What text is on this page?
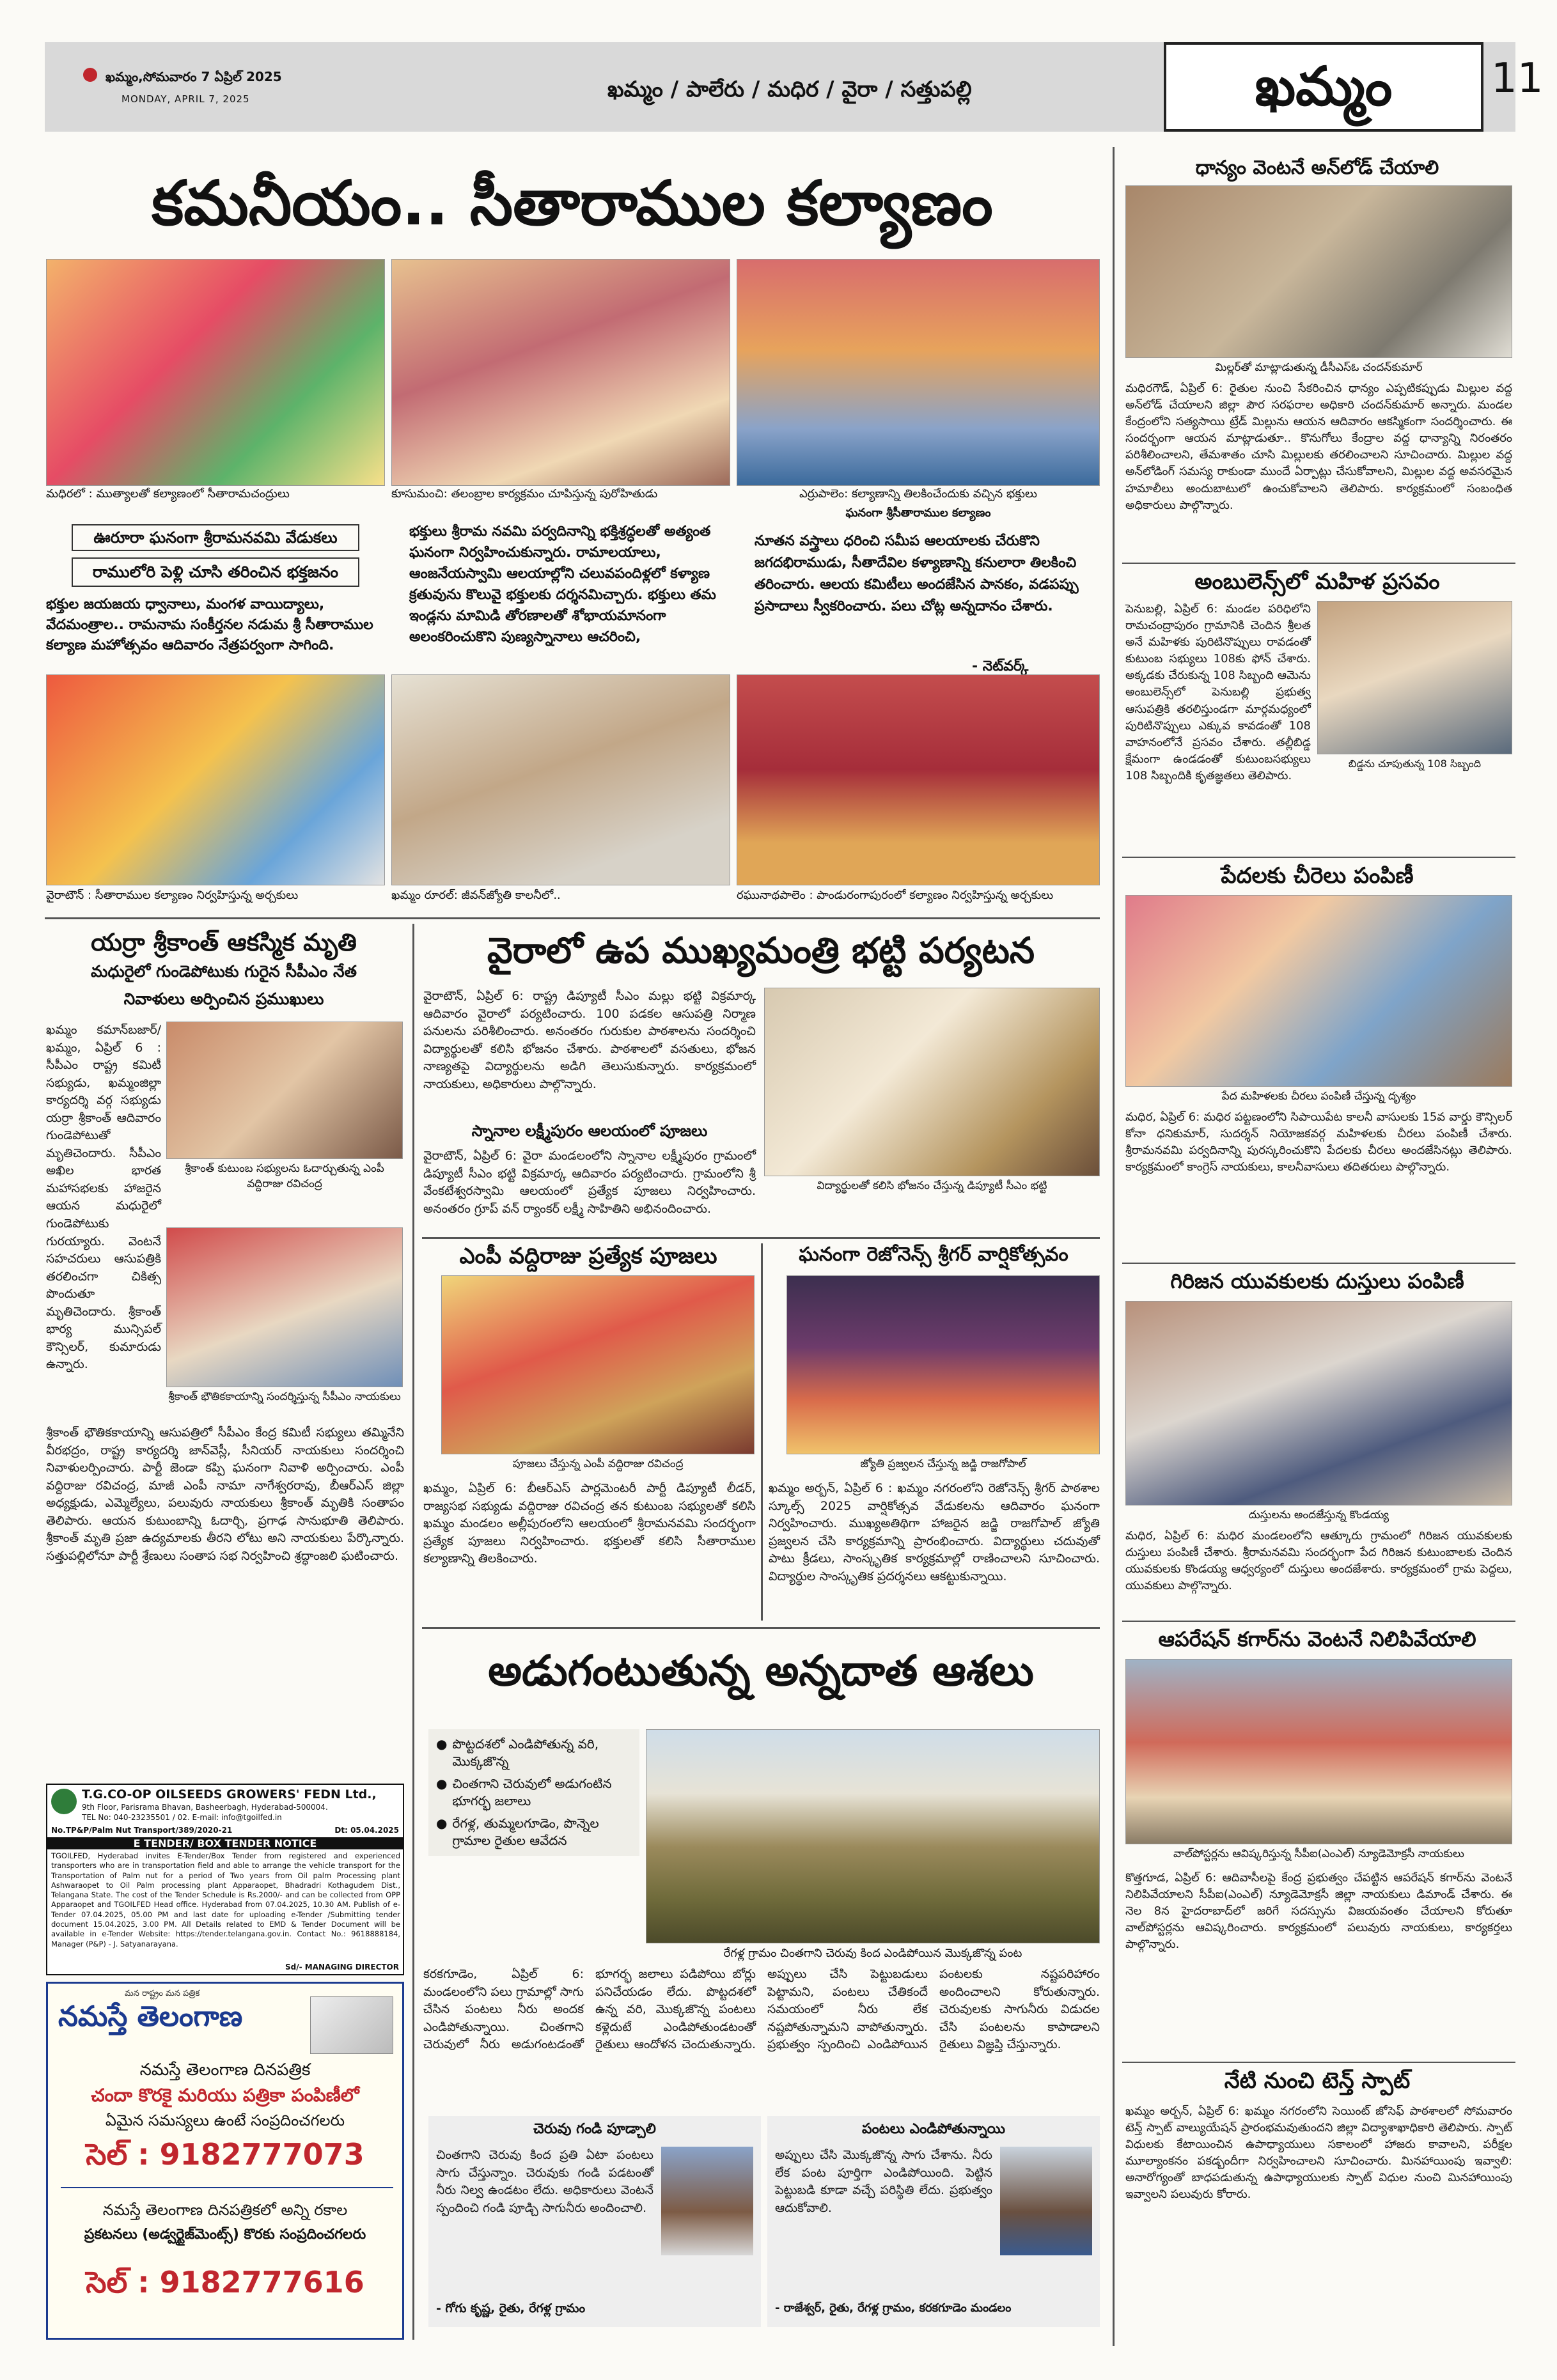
ఖమ్మం,సోమవారం 7 ఏప్రిల్ 2025
MONDAY, APRIL 7, 2025	ఖమ్మం / పాలేరు / మధిర / వైరా / సత్తుపల్లి	ఖమ్మం	11
కమనీయం.. సీతారాముల కల్యాణం
మధిరలో : ముత్యాలతో కల్యాణంలో సీతారామచంద్రులు	కూసుమంచి: తలంబ్రాల కార్యక్రమం చూపిస్తున్న పురోహితుడు	ఎర్రుపాలెం: కల్యాణాన్ని తిలకించేందుకు వచ్చిన భక్తులు
ఘనంగా శ్రీసీతారాముల కల్యాణం
ఊరూరా ఘనంగా శ్రీరామనవమి వేడుకలు
రాములోరి పెళ్లి చూసి తరించిన భక్తజనం
భక్తుల జయజయ ధ్వానాలు, మంగళ వాయిద్యాలు, వేదమంత్రాల.. రామనామ సంకీర్తనల నడుమ శ్రీ సీతారాముల కల్యాణ మహోత్సవం ఆదివారం నేత్రపర్వంగా సాగింది.
భక్తులు శ్రీరామ నవమి పర్వదినాన్ని భక్తిశ్రద్ధలతో అత్యంత ఘనంగా నిర్వహించుకున్నారు. రామాలయాలు, ఆంజనేయస్వామి ఆలయాల్లోని చలువపందిళ్లలో కళ్యాణ క్రతువును కొలువై భక్తులకు దర్శనమిచ్చారు. భక్తులు తమ ఇండ్లను మామిడి తోరణాలతో శోభాయమానంగా అలంకరించుకొని పుణ్యస్నానాలు ఆచరించి,
నూతన వస్త్రాలు ధరించి సమీప ఆలయాలకు చేరుకొని జగదభిరాముడు, సీతాదేవిల కళ్యాణాన్ని కనులారా తిలకించి తరించారు. ఆలయ కమిటీలు అందజేసిన పానకం, వడపప్పు ప్రసాదాలు స్వీకరించారు. పలు చోట్ల అన్నదానం చేశారు.
- నెట్‌వర్క్
వైరాటౌన్ : సీతారాముల కల్యాణం నిర్వహిస్తున్న అర్చకులు	ఖమ్మం రూరల్: జీవన్‌జ్యోతి కాలనీలో..	రఘునాథపాలెం : పాండురంగాపురంలో కల్యాణం నిర్వహిస్తున్న అర్చకులు
యర్రా శ్రీకాంత్ ఆకస్మిక మృతి
మధురైలో గుండెపోటుకు గురైన సీపీఎం నేత
నివాళులు అర్పించిన ప్రముఖులు
శ్రీకాంత్ కుటుంబ సభ్యులను ఓదార్చుతున్న ఎంపీ వద్దిరాజు రవిచంద్ర
శ్రీకాంత్ భౌతికకాయాన్ని సందర్శిస్తున్న సీపీఎం నాయకులు
ఖమ్మం కమాన్‌బజార్/ ఖమ్మం, ఏప్రిల్ 6 : సీపీఎం రాష్ట్ర కమిటీ సభ్యుడు, ఖమ్మంజిల్లా కార్యదర్శి వర్గ సభ్యుడు యర్రా శ్రీకాంత్ ఆదివారం గుండెపోటుతో మృతిచెందారు. సీపీఎం అఖిల భారత మహాసభలకు హాజరైన ఆయన మధురైలో గుండెపోటుకు గురయ్యారు. వెంటనే సహచరులు ఆసుపత్రికి తరలించగా చికిత్స పొందుతూ మృతిచెందారు. శ్రీకాంత్ భార్య మున్సిపల్ కౌన్సిలర్, కుమారుడు ఉన్నారు.
శ్రీకాంత్ భౌతికకాయాన్ని ఆసుపత్రిలో సీపీఎం కేంద్ర కమిటీ సభ్యులు తమ్మినేని వీరభద్రం, రాష్ట్ర కార్యదర్శి జాన్‌వెస్లీ, సీనియర్ నాయకులు సందర్శించి నివాళులర్పించారు. పార్టీ జెండా కప్పి ఘనంగా నివాళి అర్పించారు. ఎంపీ వద్దిరాజు రవిచంద్ర, మాజీ ఎంపీ నామా నాగేశ్వరరావు, బీఆర్ఎస్ జిల్లా అధ్యక్షుడు, ఎమ్మెల్యేలు, పలువురు నాయకులు శ్రీకాంత్ మృతికి సంతాపం తెలిపారు. ఆయన కుటుంబాన్ని ఓదార్చి, ప్రగాఢ సానుభూతి తెలిపారు. శ్రీకాంత్ మృతి ప్రజా ఉద్యమాలకు తీరని లోటు అని నాయకులు పేర్కొన్నారు. సత్తుపల్లిలోనూ పార్టీ శ్రేణులు సంతాప సభ నిర్వహించి శ్రద్ధాంజలి ఘటించారు.
T.G.CO-OP OILSEEDS GROWERS' FEDN Ltd.,
9th Floor, Parisrama Bhavan, Basheerbagh, Hyderabad-500004.
TEL No: 040-23235501 / 02. E-mail: info@tgoilfed.in
No.TP&P/Palm Nut Transport/389/2020-21	Dt: 05.04.2025
E TENDER/ BOX TENDER NOTICE
TGOILFED, Hyderabad invites E-Tender/Box Tender from registered and experienced transporters who are in transportation field and able to arrange the vehicle transport for the Transportation of Palm nut for a period of Two years from Oil palm Processing plant Ashwaraopet to Oil Palm processing plant Apparaopet, Bhadradri Kothagudem Dist., Telangana State. The cost of the Tender Schedule is Rs.2000/- and can be collected from OPP Apparaopet and TGOILFED Head office. Hyderabad from 07.04.2025, 10.30 AM. Publish of e-Tender 07.04.2025, 05.00 PM and last date for uploading e-Tender /Submitting tender document 15.04.2025, 3.00 PM. All Details related to EMD & Tender Document will be available in e-Tender Website: https://tender.telangana.gov.in. Contact No.: 9618888184, Manager (P&P) - J. Satyanarayana.
Sd/- MANAGING DIRECTOR
మన రాష్ట్రం మన పత్రిక
నమస్తే తెలంగాణ
నమస్తే తెలంగాణ దినపత్రిక
చందా కొరకై మరియు పత్రికా పంపిణీలో
ఏమైన సమస్యలు ఉంటే సంప్రదించగలరు
సెల్ : 9182777073
నమస్తే తెలంగాణ దినపత్రికలో అన్ని రకాల
ప్రకటనలు (అడ్వర్టైజ్‌మెంట్స్) కొరకు సంప్రదించగలరు
సెల్ : 9182777616
వైరాలో ఉప ముఖ్యమంత్రి భట్టి పర్యటన
వైరాటౌన్, ఏప్రిల్ 6: రాష్ట్ర డిప్యూటీ సీఎం మల్లు భట్టి విక్రమార్క ఆదివారం వైరాలో పర్యటించారు. 100 పడకల ఆసుపత్రి నిర్మాణ పనులను పరిశీలించారు. అనంతరం గురుకుల పాఠశాలను సందర్శించి విద్యార్థులతో కలిసి భోజనం చేశారు. పాఠశాలలో వసతులు, భోజన నాణ్యతపై విద్యార్థులను అడిగి తెలుసుకున్నారు. కార్యక్రమంలో నాయకులు, అధికారులు పాల్గొన్నారు.
స్నానాల లక్ష్మీపురం ఆలయంలో పూజలు
వైరాటౌన్, ఏప్రిల్ 6: వైరా మండలంలోని స్నానాల లక్ష్మీపురం గ్రామంలో డిప్యూటీ సీఎం భట్టి విక్రమార్క ఆదివారం పర్యటించారు. గ్రామంలోని శ్రీ వేంకటేశ్వరస్వామి ఆలయంలో ప్రత్యేక పూజలు నిర్వహించారు. అనంతరం గ్రూప్ వన్ ర్యాంకర్ లక్ష్మీ సాహితిని అభినందించారు.
విద్యార్థులతో కలిసి భోజనం చేస్తున్న డిప్యూటీ సీఎం భట్టి
ఎంపీ వద్దిరాజు ప్రత్యేక పూజలు
పూజలు చేస్తున్న ఎంపీ వద్దిరాజు రవిచంద్ర
ఖమ్మం, ఏప్రిల్ 6: బీఆర్ఎస్ పార్లమెంటరీ పార్టీ డిప్యూటీ లీడర్, రాజ్యసభ సభ్యుడు వద్దిరాజు రవిచంద్ర తన కుటుంబ సభ్యులతో కలిసి ఖమ్మం మండలం అల్లీపురంలోని ఆలయంలో శ్రీరామనవమి సందర్భంగా ప్రత్యేక పూజలు నిర్వహించారు. భక్తులతో కలిసి సీతారాముల కల్యాణాన్ని తిలకించారు.
ఘనంగా రెజోనెన్స్‌ శ్రీగర్ వార్షికోత్సవం
జ్యోతి ప్రజ్వలన చేస్తున్న జడ్జి రాజగోపాల్
ఖమ్మం అర్బన్, ఏప్రిల్ 6 : ఖమ్మం నగరంలోని రెజోనెన్స్ శ్రీగర్ పాఠశాల స్కూల్స్ 2025 వార్షికోత్సవ వేడుకలను ఆదివారం ఘనంగా నిర్వహించారు. ముఖ్యఅతిథిగా హాజరైన జడ్జి రాజగోపాల్ జ్యోతి ప్రజ్వలన చేసి కార్యక్రమాన్ని ప్రారంభించారు. విద్యార్థులు చదువుతో పాటు క్రీడలు, సాంస్కృతిక కార్యక్రమాల్లో రాణించాలని సూచించారు. విద్యార్థుల సాంస్కృతిక ప్రదర్శనలు ఆకట్టుకున్నాయి.
అడుగంటుతున్న అన్నదాత ఆశలు
● పొట్టదశలో ఎండిపోతున్న వరి, మొక్కజొన్న
● చింతగాని చెరువులో అడుగంటిన భూగర్భ జలాలు
● రేగళ్ల, తుమ్మలగూడెం, పొన్నెల గ్రామాల రైతుల ఆవేదన
రేగళ్ల గ్రామం చింతగాని చెరువు కింద ఎండిపోయిన మొక్కజొన్న పంట
కరకగూడెం, ఏప్రిల్ 6: మండలంలోని పలు గ్రామాల్లో సాగు చేసిన పంటలు నీరు అందక ఎండిపోతున్నాయి. చింతగాని చెరువులో నీరు అడుగంటడంతో భూగర్భ జలాలు పడిపోయి బోర్లు పనిచేయడం లేదు. పొట్టదశలో ఉన్న వరి, మొక్కజొన్న పంటలు కళ్లెదుటే ఎండిపోతుండటంతో రైతులు ఆందోళన చెందుతున్నారు. అప్పులు చేసి పెట్టుబడులు పెట్టామని, పంటలు చేతికందే సమయంలో నీరు లేక నష్టపోతున్నామని వాపోతున్నారు. ప్రభుత్వం స్పందించి ఎండిపోయిన పంటలకు నష్టపరిహారం అందించాలని కోరుతున్నారు. చెరువులకు సాగునీరు విడుదల చేసి పంటలను కాపాడాలని రైతులు విజ్ఞప్తి చేస్తున్నారు.
చెరువు గండి పూడ్చాలి
చింతగాని చెరువు కింద ప్రతి ఏటా పంటలు సాగు చేస్తున్నాం. చెరువుకు గండి పడటంతో నీరు నిల్వ ఉండటం లేదు. అధికారులు వెంటనే స్పందించి గండి పూడ్చి సాగునీరు అందించాలి.
- గోగు కృష్ణ, రైతు, రేగళ్ల గ్రామం
పంటలు ఎండిపోతున్నాయి
అప్పులు చేసి మొక్కజొన్న సాగు చేశాను. నీరు లేక పంట పూర్తిగా ఎండిపోయింది. పెట్టిన పెట్టుబడి కూడా వచ్చే పరిస్థితి లేదు. ప్రభుత్వం ఆదుకోవాలి.
- రాజేశ్వర్, రైతు, రేగళ్ల గ్రామం, కరకగూడెం మండలం
ధాన్యం వెంటనే అన్‌లోడ్ చేయాలి
మిల్లర్‌తో మాట్లాడుతున్న డీసీఎస్ఓ చందన్‌కుమార్
మధిరగౌడ్, ఏప్రిల్ 6: రైతుల నుంచి సేకరించిన ధాన్యం ఎప్పటికప్పుడు మిల్లుల వద్ద అన్‌లోడ్ చేయాలని జిల్లా పౌర సరఫరాల అధికారి చందన్‌కుమార్ అన్నారు. మండల కేంద్రంలోని సత్యసాయి ట్రేడ్ మిల్లును ఆయన ఆదివారం ఆకస్మికంగా సందర్శించారు. ఈ సందర్భంగా ఆయన మాట్లాడుతూ.. కొనుగోలు కేంద్రాల వద్ద ధాన్యాన్ని నిరంతరం పరిశీలించాలని, తేమశాతం చూసి మిల్లులకు తరలించాలని సూచించారు. మిల్లుల వద్ద అన్‌లోడింగ్ సమస్య రాకుండా ముందే ఏర్పాట్లు చేసుకోవాలని, మిల్లుల వద్ద అవసరమైన హమాలీలు అందుబాటులో ఉంచుకోవాలని తెలిపారు. కార్యక్రమంలో సంబంధిత అధికారులు పాల్గొన్నారు.
అంబులెన్స్‌లో మహిళ ప్రసవం
బిడ్డను చూపుతున్న 108 సిబ్బంది
పెనుబల్లి, ఏప్రిల్ 6: మండల పరిధిలోని రామచంద్రాపురం గ్రామానికి చెందిన శ్రీలత అనే మహిళకు పురిటినొప్పులు రావడంతో కుటుంబ సభ్యులు 108కు ఫోన్ చేశారు. అక్కడకు చేరుకున్న 108 సిబ్బంది ఆమెను అంబులెన్స్‌లో పెనుబల్లి ప్రభుత్వ ఆసుపత్రికి తరలిస్తుండగా మార్గమధ్యంలో పురిటినొప్పులు ఎక్కువ కావడంతో 108 వాహనంలోనే ప్రసవం చేశారు. తల్లీబిడ్డ క్షేమంగా ఉండడంతో కుటుంబసభ్యులు 108 సిబ్బందికి కృతజ్ఞతలు తెలిపారు.
పేదలకు చీరెలు పంపిణీ
పేద మహిళలకు చీరలు పంపిణీ చేస్తున్న దృశ్యం
మధిర, ఏప్రిల్ 6: మధిర పట్టణంలోని సిపాయిపేట కాలనీ వాసులకు 15వ వార్డు కౌన్సిలర్ కోనా ధనికుమార్, సుదర్శన్ నియోజకవర్గ మహిళలకు చీరలు పంపిణీ చేశారు. శ్రీరామనవమి పర్వదినాన్ని పురస్కరించుకొని పేదలకు చీరలు అందజేసినట్లు తెలిపారు. కార్యక్రమంలో కాంగ్రెస్ నాయకులు, కాలనీవాసులు తదితరులు పాల్గొన్నారు.
గిరిజన యువకులకు దుస్తులు పంపిణీ
దుస్తులను అందజేస్తున్న కొండయ్య
మధిర, ఏప్రిల్ 6: మధిర మండలంలోని ఆత్కూరు గ్రామంలో గిరిజన యువకులకు దుస్తులు పంపిణీ చేశారు. శ్రీరామనవమి సందర్భంగా పేద గిరిజన కుటుంబాలకు చెందిన యువకులకు కొండయ్య ఆధ్వర్యంలో దుస్తులు అందజేశారు. కార్యక్రమంలో గ్రామ పెద్దలు, యువకులు పాల్గొన్నారు.
ఆపరేషన్ కగార్‌ను వెంటనే నిలిపివేయాలి
వాల్‌పోస్టర్లను ఆవిష్కరిస్తున్న సీపీఐ(ఎంఎల్) న్యూడెమోక్రసీ నాయకులు
కొత్తగూడ, ఏప్రిల్ 6: ఆదివాసీలపై కేంద్ర ప్రభుత్వం చేపట్టిన ఆపరేషన్ కగార్‌ను వెంటనే నిలిపివేయాలని సీపీఐ(ఎంఎల్) న్యూడెమోక్రసీ జిల్లా నాయకులు డిమాండ్ చేశారు. ఈ నెల 8న హైదరాబాద్‌లో జరిగే సదస్సును విజయవంతం చేయాలని కోరుతూ వాల్‌పోస్టర్లను ఆవిష్కరించారు. కార్యక్రమంలో పలువురు నాయకులు, కార్యకర్తలు పాల్గొన్నారు.
నేటి నుంచి టెన్త్ స్పాట్
ఖమ్మం అర్బన్, ఏప్రిల్ 6: ఖమ్మం నగరంలోని సెయింట్ జోసెఫ్ పాఠశాలలో సోమవారం టెన్త్ స్పాట్ వాల్యుయేషన్ ప్రారంభమవుతుందని జిల్లా విద్యాశాఖాధికారి తెలిపారు. స్పాట్ విధులకు కేటాయించిన ఉపాధ్యాయులు సకాలంలో హాజరు కావాలని, పరీక్షల మూల్యాంకనం పకడ్బందీగా నిర్వహించాలని సూచించారు. మినహాయింపు ఇవ్వాలి: అనారోగ్యంతో బాధపడుతున్న ఉపాధ్యాయులకు స్పాట్ విధుల నుంచి మినహాయింపు ఇవ్వాలని పలువురు కోరారు.
